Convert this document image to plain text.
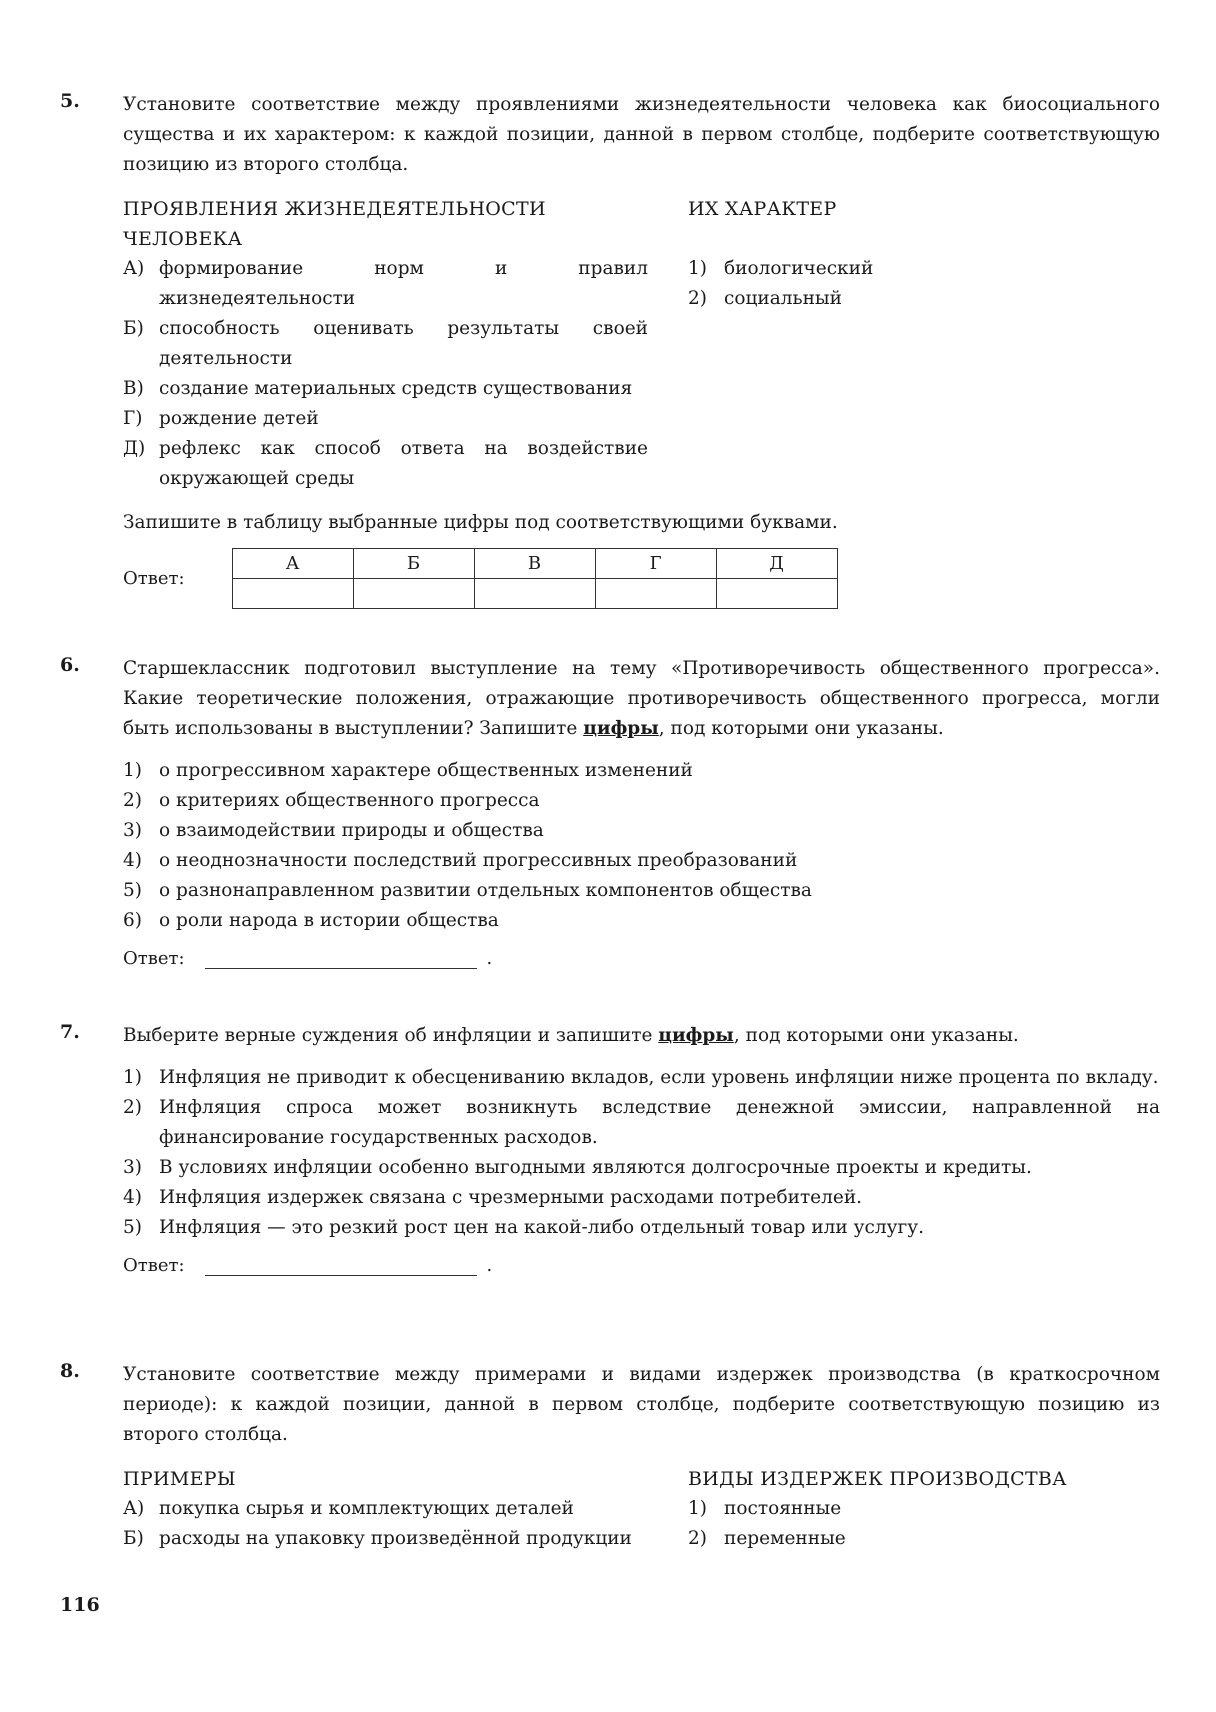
5. Установите соответствие между проявлениями жизнедеятельности человека как биосоциального существа и их характером: к каждой позиции, данной в первом столбце, подберите соответствующую позицию из второго столбца.

ПРОЯВЛЕНИЯ ЖИЗНЕДЕЯТЕЛЬНОСТИ ЧЕЛОВЕКА
А) формирование норм и правил жизнедеятельности
Б) способность оценивать результаты своей деятельности
В) создание материальных средств существования
Г) рождение детей
Д) рефлекс как способ ответа на воздействие окружающей среды
ИХ ХАРАКТЕР
1) биологический
2) социальный
Запишите в таблицу выбранные цифры под соответствующими буквами.
Ответ:
А	Б	В	Г	Д

6. Старшеклассник подготовил выступление на тему «Противоречивость общественного прогресса». Какие теоретические положения, отражающие противоречивость общественного прогресса, могли быть использованы в выступлении? Запишите цифры, под которыми они указаны.

1) о прогрессивном характере общественных изменений
2) о критериях общественного прогресса
3) о взаимодействии природы и общества
4) о неоднозначности последствий прогрессивных преобразований
5) о разнонаправленном развитии отдельных компонентов общества
6) о роли народа в истории общества
Ответ:	.
7. Выберите верные суждения об инфляции и запишите цифры, под которыми они указаны.

1) Инфляция не приводит к обесцениванию вкладов, если уровень инфляции ниже процента по вкладу.
2) Инфляция спроса может возникнуть вследствие денежной эмиссии, направленной на финансирование государственных расходов.
3) В условиях инфляции особенно выгодными являются долгосрочные проекты и кредиты.
4) Инфляция издержек связана с чрезмерными расходами потребителей.
5) Инфляция — это резкий рост цен на какой-либо отдельный товар или услугу.
Ответ:	.
8. Установите соответствие между примерами и видами издержек производства (в краткосрочном периоде): к каждой позиции, данной в первом столбце, подберите соответствующую позицию из второго столбца.

ПРИМЕРЫ
А) покупка сырья и комплектующих деталей
Б) расходы на упаковку произведённой продукции
ВИДЫ ИЗДЕРЖЕК ПРОИЗВОДСТВА
1) постоянные
2) переменные
116
